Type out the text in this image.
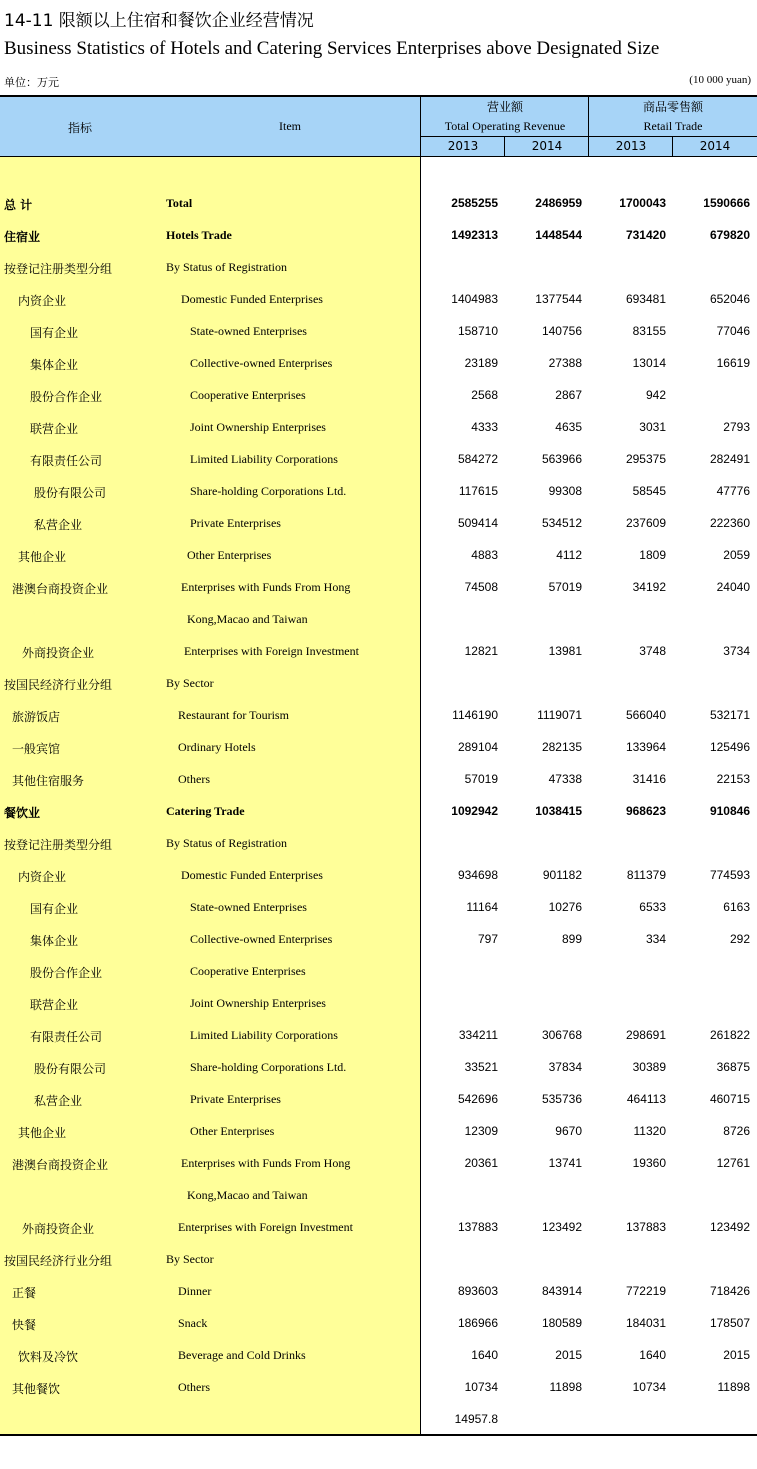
14-11 限额以上住宿和餐饮企业经营情况
Business Statistics of Hotels and Catering Services Enterprises above Designated Size
单位：万元	(10 000 yuan)
指标	Item
营业额
Total Operating Revenue
商品零售额
Retail Trade
2013	2014	2013	2014
总 计	Total	2585255	2486959	1700043	1590666
住宿业	Hotels Trade	1492313	1448544	731420	679820
按登记注册类型分组	By Status of Registration
内资企业	Domestic Funded Enterprises	1404983	1377544	693481	652046
国有企业	State-owned Enterprises	158710	140756	83155	77046
集体企业	Collective-owned Enterprises	23189	27388	13014	16619
股份合作企业	Cooperative Enterprises	2568	2867	942
联营企业	Joint Ownership Enterprises	4333	4635	3031	2793
有限责任公司	Limited Liability Corporations	584272	563966	295375	282491
股份有限公司	Share-holding Corporations Ltd.	117615	99308	58545	47776
私营企业	Private Enterprises	509414	534512	237609	222360
其他企业	Other Enterprises	4883	4112	1809	2059
港澳台商投资企业	Enterprises with Funds From Hong	74508	57019	34192	24040
Kong,Macao and Taiwan
外商投资企业	Enterprises with Foreign Investment	12821	13981	3748	3734
按国民经济行业分组	By Sector
旅游饭店	Restaurant for Tourism	1146190	1119071	566040	532171
一般宾馆	Ordinary Hotels	289104	282135	133964	125496
其他住宿服务	Others	57019	47338	31416	22153
餐饮业	Catering Trade	1092942	1038415	968623	910846
按登记注册类型分组	By Status of Registration
内资企业	Domestic Funded Enterprises	934698	901182	811379	774593
国有企业	State-owned Enterprises	11164	10276	6533	6163
集体企业	Collective-owned Enterprises	797	899	334	292
股份合作企业	Cooperative Enterprises
联营企业	Joint Ownership Enterprises
有限责任公司	Limited Liability Corporations	334211	306768	298691	261822
股份有限公司	Share-holding Corporations Ltd.	33521	37834	30389	36875
私营企业	Private Enterprises	542696	535736	464113	460715
其他企业	Other Enterprises	12309	9670	11320	8726
港澳台商投资企业	Enterprises with Funds From Hong	20361	13741	19360	12761
Kong,Macao and Taiwan
外商投资企业	Enterprises with Foreign Investment	137883	123492	137883	123492
按国民经济行业分组	By Sector
正餐	Dinner	893603	843914	772219	718426
快餐	Snack	186966	180589	184031	178507
饮料及冷饮	Beverage and Cold Drinks	1640	2015	1640	2015
其他餐饮	Others	10734	11898	10734	11898
14957.8
